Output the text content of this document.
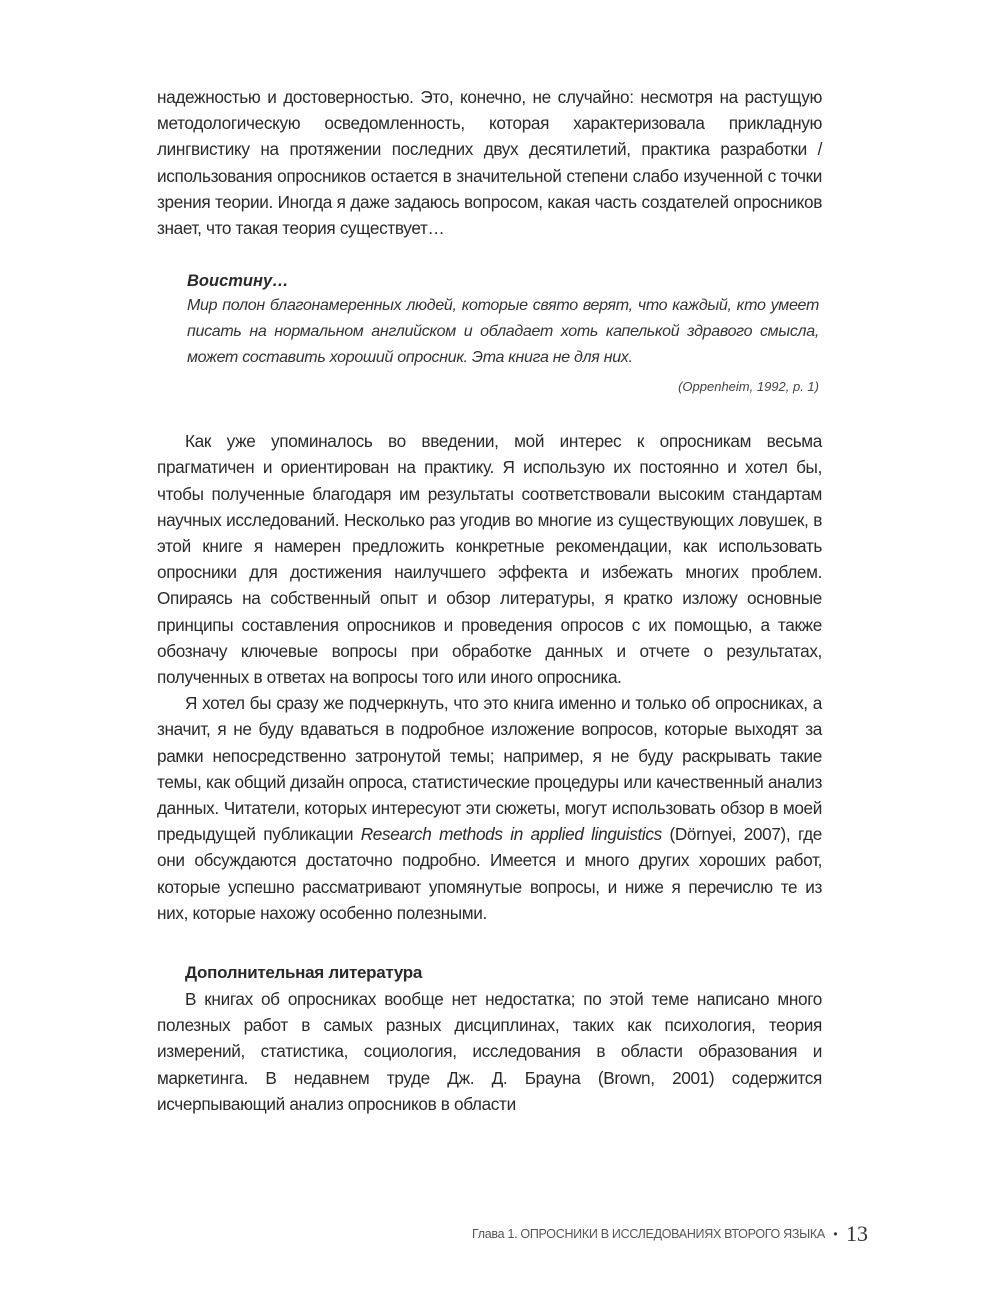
надежностью и достоверностью. Это, конечно, не случайно: несмотря на растущую методологическую осведомленность, которая характеризовала прикладную лингвистику на протяжении последних двух десятилетий, практика разработки / использования опросников остается в значительной степени слабо изученной с точки зрения теории. Иногда я даже задаюсь вопросом, какая часть создателей опросников знает, что такая теория существует…

Воистину…

Мир полон благонамеренных людей, которые свято верят, что каждый, кто умеет писать на нормальном английском и обладает хоть капелькой здравого смысла, может составить хороший опросник. Эта книга не для них.

(Oppenheim, 1992, p. 1)

Как уже упоминалось во введении, мой интерес к опросникам весьма прагматичен и ориентирован на практику. Я использую их постоянно и хотел бы, чтобы полученные благодаря им результаты соответствовали высоким стандартам научных исследований. Несколько раз угодив во многие из существующих ловушек, в этой книге я намерен предложить конкретные рекомендации, как использовать опросники для достижения наилучшего эффекта и избежать многих проблем. Опираясь на собственный опыт и обзор литературы, я кратко изложу основные принципы составления опросников и проведения опросов с их помощью, а также обозначу ключевые вопросы при обработке данных и отчете о результатах, полученных в ответах на вопросы того или иного опросника.

Я хотел бы сразу же подчеркнуть, что это книга именно и только об опросниках, а значит, я не буду вдаваться в подробное изложение вопросов, которые выходят за рамки непосредственно затронутой темы; например, я не буду раскрывать такие темы, как общий дизайн опроса, статистические процедуры или качественный анализ данных. Читатели, которых интересуют эти сюжеты, могут использовать обзор в моей предыдущей публикации Research methods in applied linguistics (Dörnyei, 2007), где они обсуждаются достаточно подробно. Имеется и много других хороших работ, которые успешно рассматривают упомянутые вопросы, и ниже я перечислю те из них, которые нахожу особенно полезными.

Дополнительная литература

В книгах об опросниках вообще нет недостатка; по этой теме написано много полезных работ в самых разных дисциплинах, таких как психология, теория измерений, статистика, социология, исследования в области образования и маркетинга. В недавнем труде Дж. Д. Брауна (Brown, 2001) содержится исчерпывающий анализ опросников в области

Глава 1. ОПРОСНИКИ В ИССЛЕДОВАНИЯХ ВТОРОГО ЯЗЫКА • 13
